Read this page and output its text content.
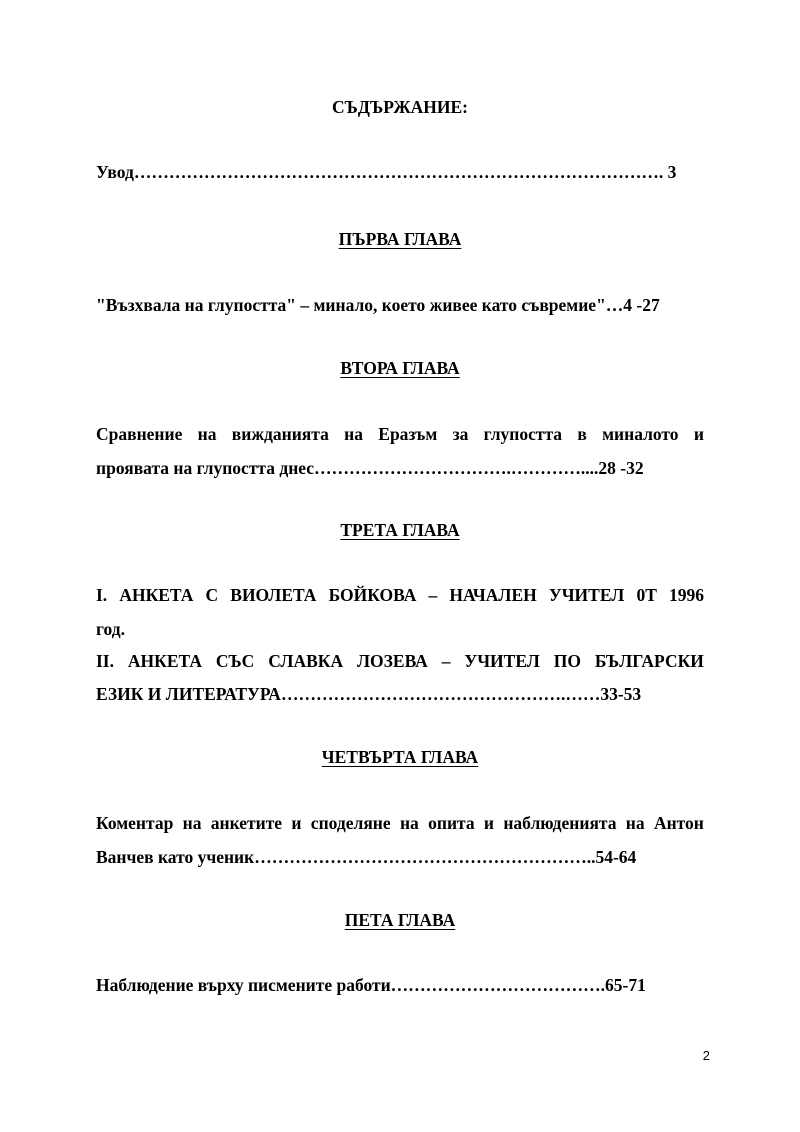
СЪДЪРЖАНИЕ:
Увод………………………………………………………………………………. 3
ПЪРВА ГЛАВА
"Възхвала на глупостта" – минало, което живее като съвремие"…4 -27
ВТОРА ГЛАВА
Сравнение на вижданията на Еразъм за глупостта в миналото и
проявата на глупостта днес…………………………….…………....28 -32
ТРЕТА ГЛАВА
I. АНКЕТА С ВИОЛЕТА БОЙКОВА – НАЧАЛЕН УЧИТЕЛ 0Т 1996
год.
II. АНКЕТА СЪС СЛАВКА ЛОЗЕВА – УЧИТЕЛ ПО БЪЛГАРСКИ
ЕЗИК И ЛИТЕРАТУРА………………………………………….……33-53
ЧЕТВЪРТА ГЛАВА
Коментар на анкетите и споделяне на опита и наблюденията на Антон
Ванчев като ученик…………………………………………………..54-64
ПЕТА ГЛАВА
Наблюдение върху писмените работи……………………………….65-71
2
